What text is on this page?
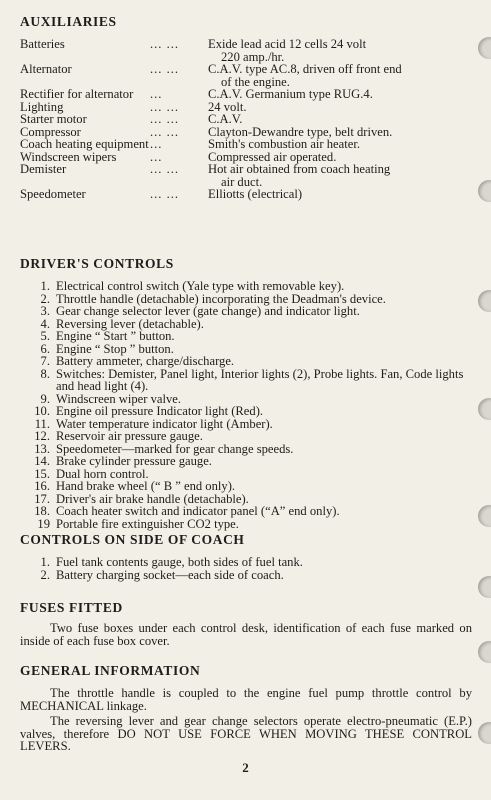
AUXILIARIES
Batteries	... ...	Exide lead acid 12 cells 24 volt
220 amp./hr.
Alternator	... ...	C.A.V. type AC.8, driven off front end
of the engine.
Rectifier for alternator	...	C.A.V. Germanium type RUG.4.
Lighting	... ...	24 volt.
Starter motor	... ...	C.A.V.
Compressor	... ...	Clayton-Dewandre type, belt driven.
Coach heating equipment ...	Smith's combustion air heater.
Windscreen wipers	...	Compressed air operated.
Demister	... ...	Hot air obtained from coach heating
air duct.
Speedometer	... ...	Elliotts (electrical)
DRIVER'S CONTROLS
1. Electrical control switch (Yale type with removable key).
2. Throttle handle (detachable) incorporating the Deadman's device.
3. Gear change selector lever (gate change) and indicator light.
4. Reversing lever (detachable).
5. Engine “ Start ” button.
6. Engine “ Stop ” button.
7. Battery ammeter, charge/discharge.
8. Switches: Demister, Panel light, Interior lights (2), Probe lights. Fan, Code lights and head light (4).
9. Windscreen wiper valve.
10. Engine oil pressure Indicator light (Red).
11. Water temperature indicator light (Amber).
12. Reservoir air pressure gauge.
13. Speedometer—marked for gear change speeds.
14. Brake cylinder pressure gauge.
15. Dual horn control.
16. Hand brake wheel (“ B ” end only).
17. Driver's air brake handle (detachable).
18. Coach heater switch and indicator panel (“A” end only).
19 Portable fire extinguisher CO2 type.
CONTROLS ON SIDE OF COACH
1. Fuel tank contents gauge, both sides of fuel tank.
2. Battery charging socket—each side of coach.
FUSES FITTED

Two fuse boxes under each control desk, identification of each fuse marked on inside of each fuse box cover.

GENERAL INFORMATION

The throttle handle is coupled to the engine fuel pump throttle control by MECHANICAL linkage.

The reversing lever and gear change selectors operate electro-pneumatic (E.P.) valves, therefore DO NOT USE FORCE WHEN MOVING THESE CONTROL LEVERS.

2
